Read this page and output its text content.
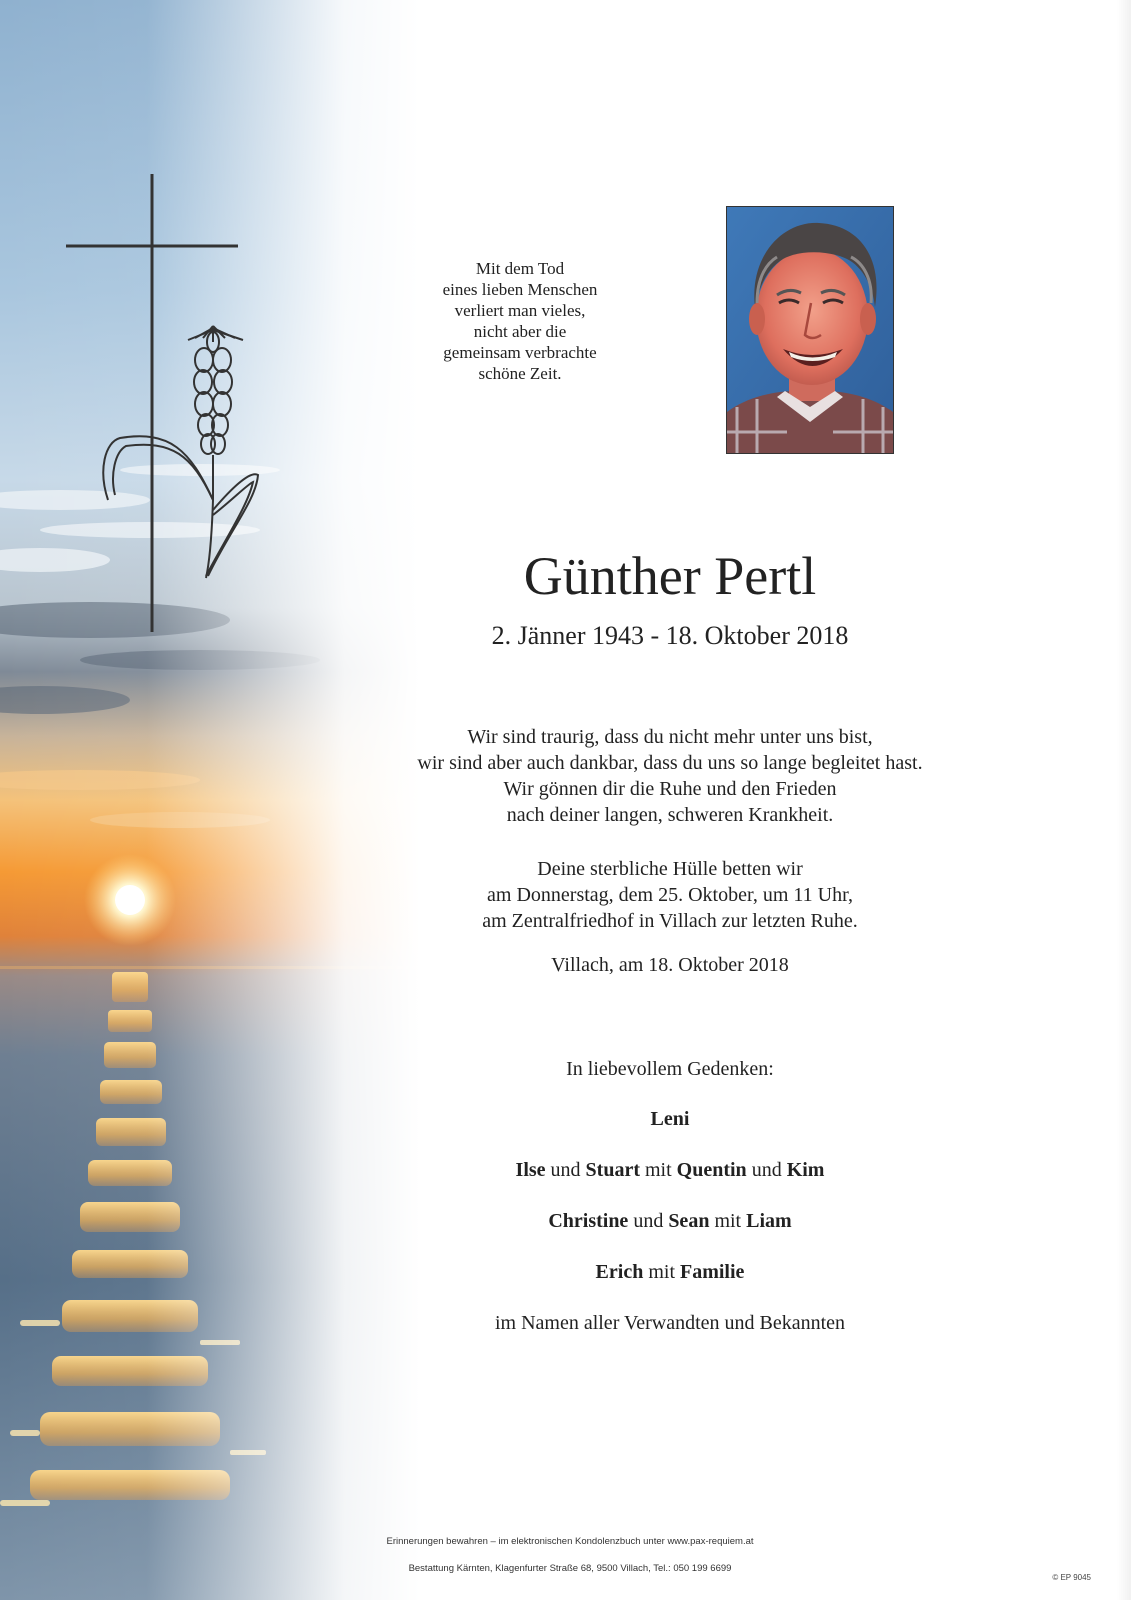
Mit dem Tod
eines lieben Menschen
verliert man vieles,
nicht aber die
gemeinsam verbrachte
schöne Zeit.
Günther Pertl
2. Jänner 1943 - 18. Oktober 2018
Wir sind traurig, dass du nicht mehr unter uns bist,
wir sind aber auch dankbar, dass du uns so lange begleitet hast.
Wir gönnen dir die Ruhe und den Frieden
nach deiner langen, schweren Krankheit.
Deine sterbliche Hülle betten wir
am Donnerstag, dem 25. Oktober, um 11 Uhr,
am Zentralfriedhof in Villach zur letzten Ruhe.
Villach, am 18. Oktober 2018
In liebevollem Gedenken:
Leni
Ilse und Stuart mit Quentin und Kim
Christine und Sean mit Liam
Erich mit Familie
im Namen aller Verwandten und Bekannten
Erinnerungen bewahren – im elektronischen Kondolenzbuch unter www.pax-requiem.at
Bestattung Kärnten, Klagenfurter Straße 68, 9500 Villach, Tel.: 050 199 6699
© EP 9045
